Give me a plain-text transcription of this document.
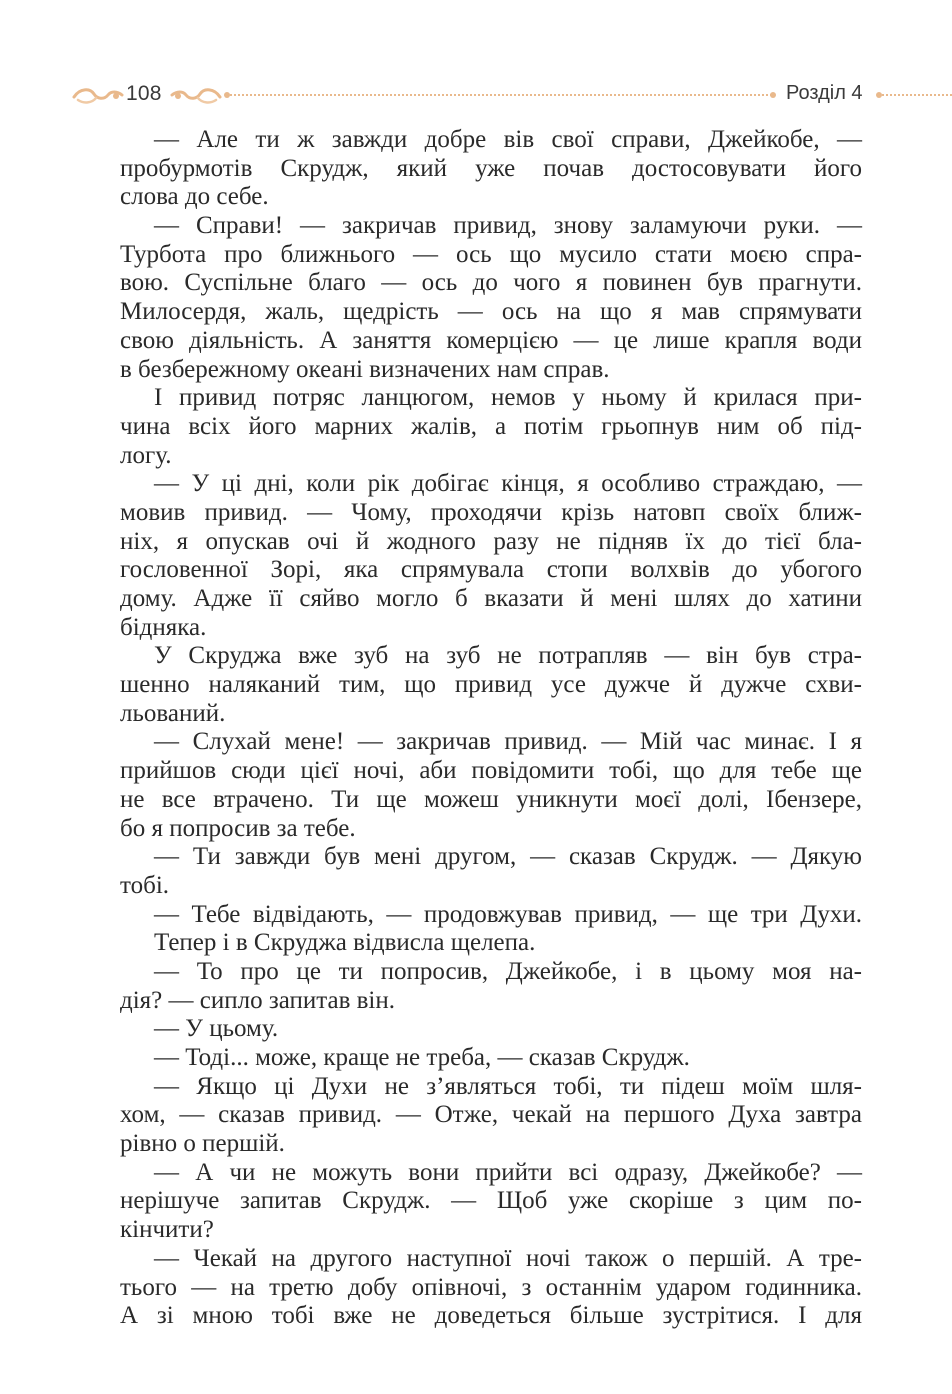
108	Розділ 4
— Але ти ж завжди добре вів свої справи, Джейкобе, —
пробурмотів Скрудж, який уже почав достосовувати його
слова до себе.
— Справи! — закричав привид, знову заламуючи руки. —
Турбота про ближнього — ось що мусило стати моєю спра-
вою. Суспільне благо — ось до чого я повинен був прагнути.
Милосердя, жаль, щедрість — ось на що я мав спрямувати
свою діяльність. А заняття комерцією — це лише крапля води
в безбережному океані визначених нам справ.
І привид потряс ланцюгом, немов у ньому й крилася при-
чина всіх його марних жалів, а потім грьопнув ним об під-
логу.
— У ці дні, коли рік добігає кінця, я особливо страждаю, —
мовив привид. — Чому, проходячи крізь натовп своїх ближ-
ніх, я опускав очі й жодного разу не підняв їх до тієї бла-
гословенної Зорі, яка спрямувала стопи волхвів до убогого
дому. Адже її сяйво могло б вказати й мені шлях до хатини
бідняка.
У Скруджа вже зуб на зуб не потрапляв — він був стра-
шенно наляканий тим, що привид усе дужче й дужче схви-
льований.
— Слухай мене! — закричав привид. — Мій час минає. І я
прийшов сюди цієї ночі, аби повідомити тобі, що для тебе ще
не все втрачено. Ти ще можеш уникнути моєї долі, Ібензере,
бо я попросив за тебе.
— Ти завжди був мені другом, — сказав Скрудж. — Дякую
тобі.
— Тебе відвідають, — продовжував привид, — ще три Духи.
Тепер і в Скруджа відвисла щелепа.
— То про це ти попросив, Джейкобе, і в цьому моя на-
дія? — сипло запитав він.
— У цьому.
— Тоді... може, краще не треба, — сказав Скрудж.
— Якщо ці Духи не з’являться тобі, ти підеш моїм шля-
хом, — сказав привид. — Отже, чекай на першого Духа завтра
рівно о першій.
— А чи не можуть вони прийти всі одразу, Джейкобе? —
нерішуче запитав Скрудж. — Щоб уже скоріше з цим по-
кінчити?
— Чекай на другого наступної ночі також о першій. А тре-
тього — на третю добу опівночі, з останнім ударом годинника.
А зі мною тобі вже не доведеться більше зустрітися. І для
